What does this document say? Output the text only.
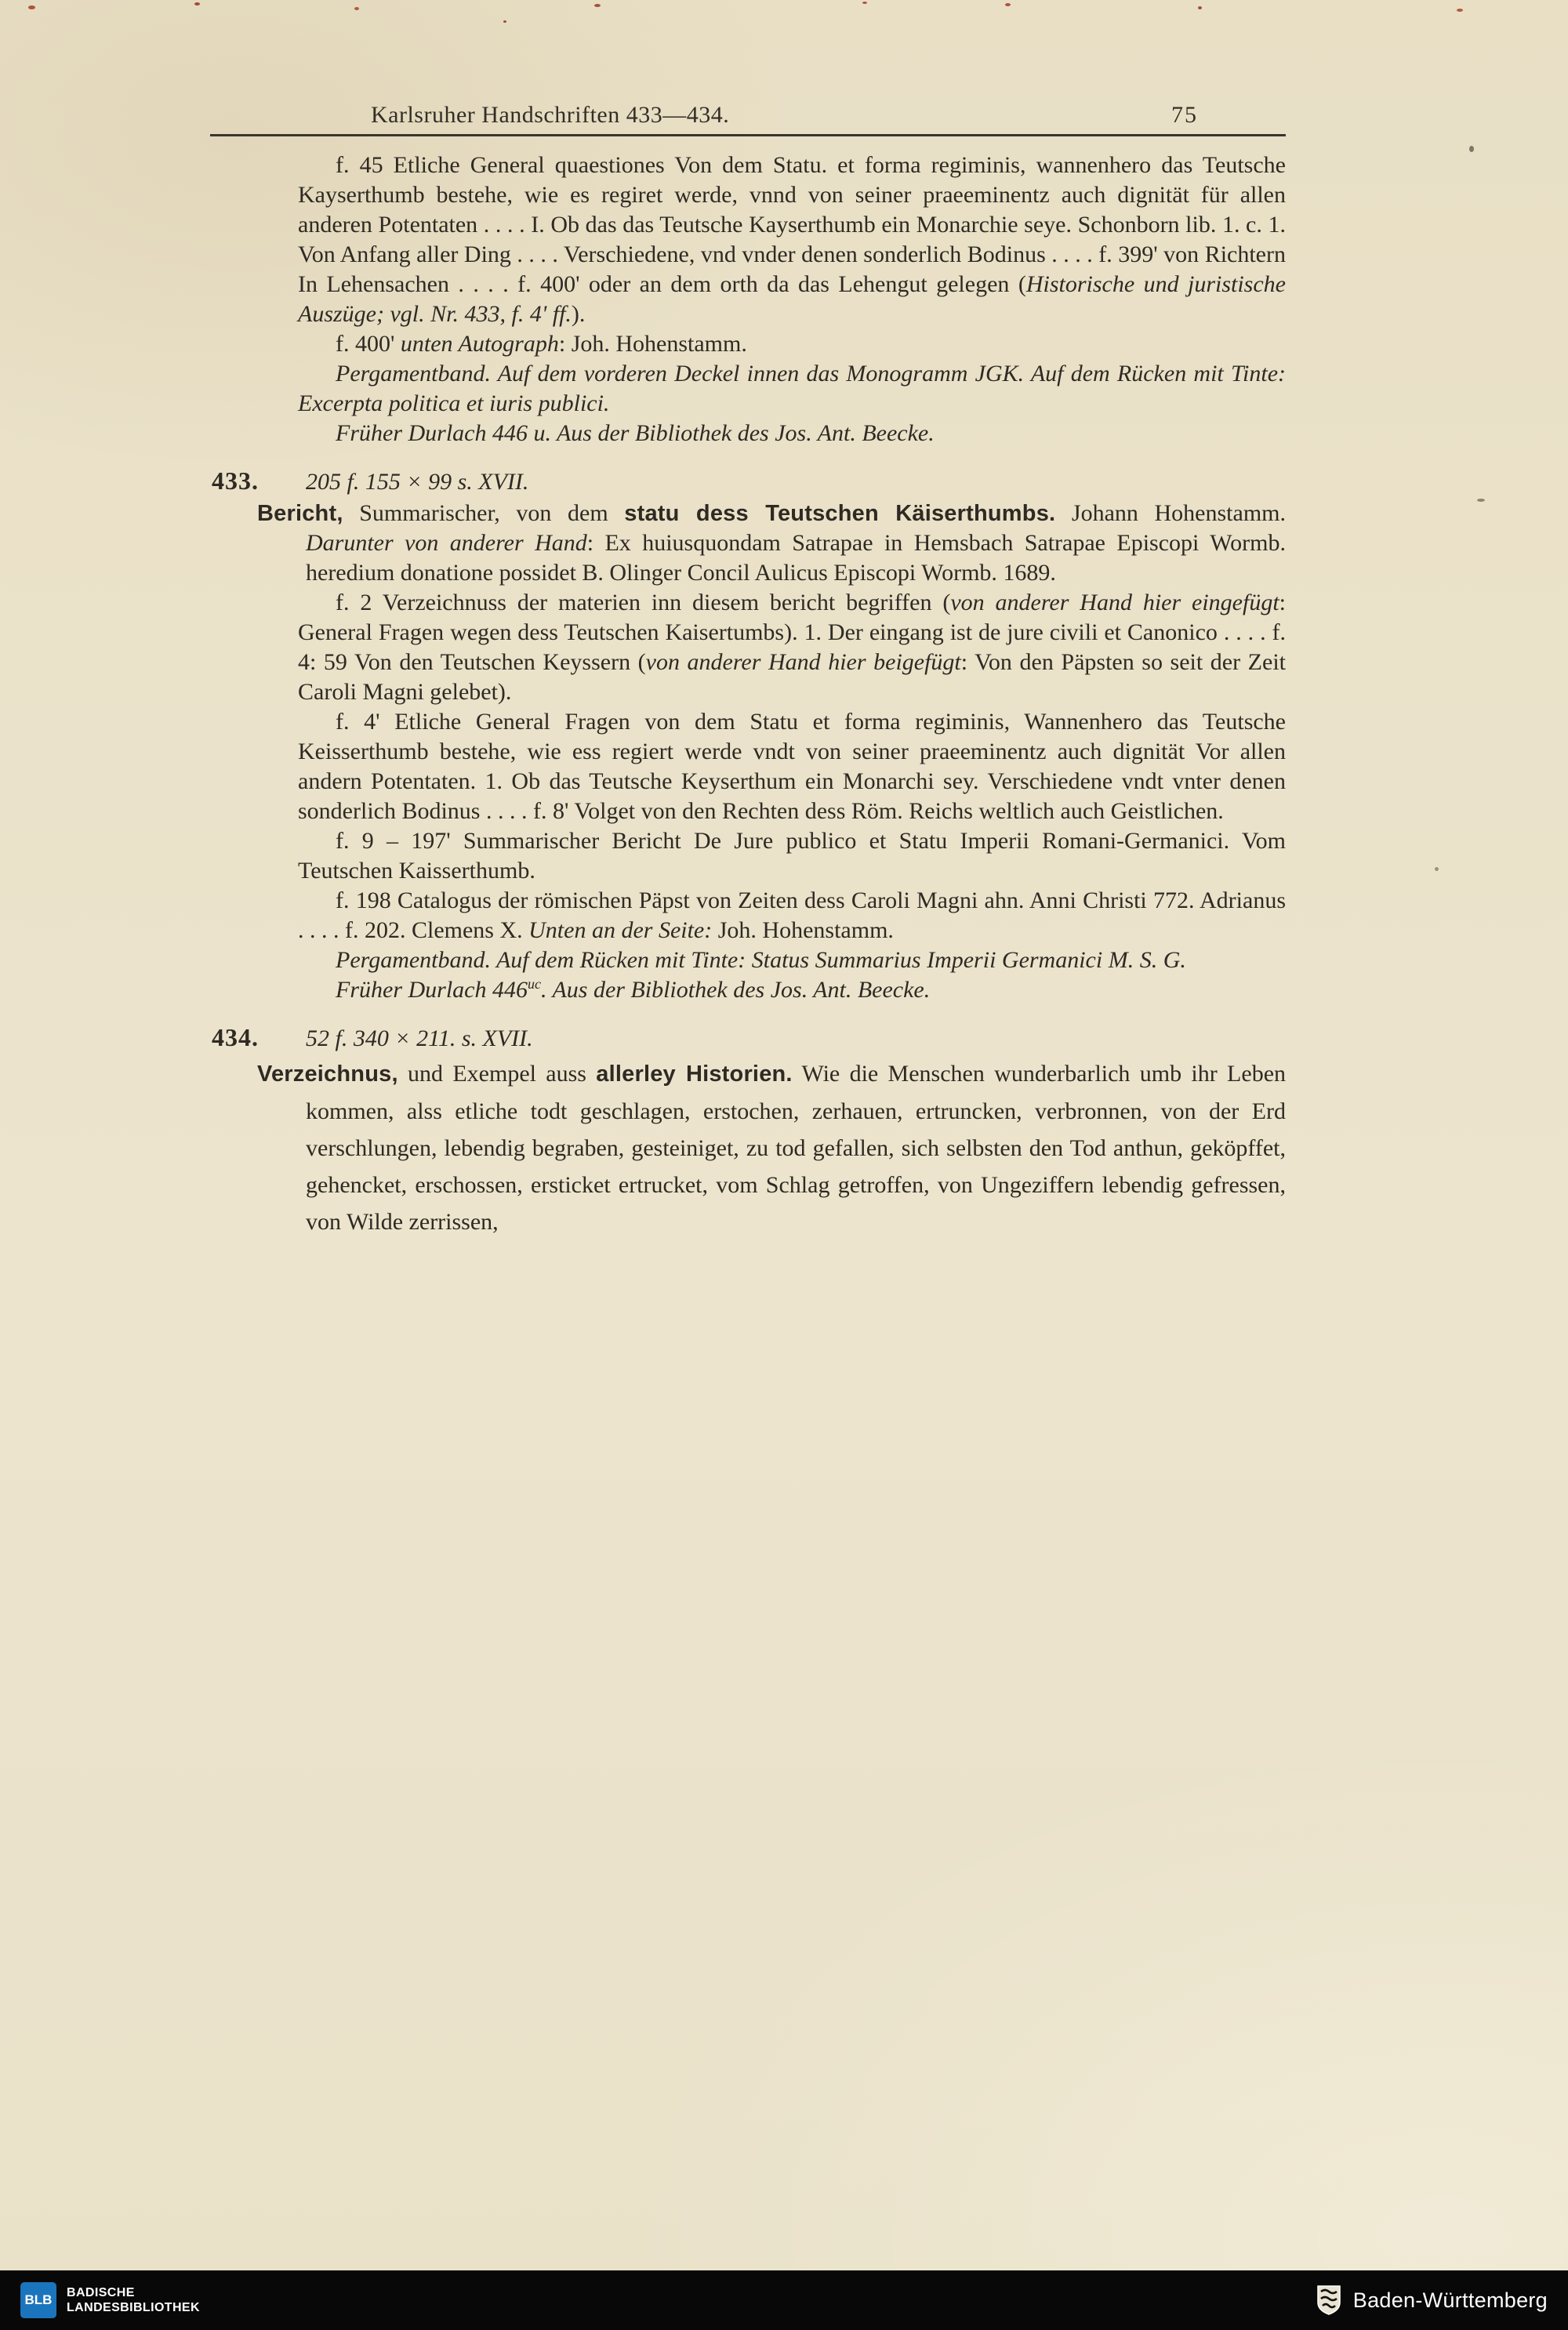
Karlsruher Handschriften 433—434.	75
f. 45 Etliche General quaestiones Von dem Statu. et forma regiminis, wannenhero das Teutsche Kayserthumb bestehe, wie es regiret werde, vnnd von seiner praeeminentz auch dignität für allen anderen Potentaten . . . . I. Ob das das Teutsche Kayserthumb ein Monarchie seye. Schonborn lib. 1. c. 1. Von Anfang aller Ding . . . . Verschiedene, vnd vnder denen sonderlich Bodinus . . . . f. 399' von Richtern In Lehensachen . . . . f. 400' oder an dem orth da das Lehengut gelegen (Historische und juristische Auszüge; vgl. Nr. 433, f. 4' ff.).
f. 400' unten Autograph: Joh. Hohenstamm.
Pergamentband. Auf dem vorderen Deckel innen das Monogramm JGK. Auf dem Rücken mit Tinte: Excerpta politica et iuris publici.
Früher Durlach 446 u. Aus der Bibliothek des Jos. Ant. Beecke.
433. 205 f. 155 × 99 s. XVII.
Bericht, Summarischer, von dem statu dess Teutschen Käiserthumbs. Johann Hohenstamm. Darunter von anderer Hand: Ex huiusquondam Satrapae in Hemsbach Satrapae Episcopi Wormb. heredium donatione possidet B. Olinger Concil Aulicus Episcopi Wormb. 1689.
f. 2 Verzeichnuss der materien inn diesem bericht begriffen (von anderer Hand hier eingefügt: General Fragen wegen dess Teutschen Kaisertumbs). 1. Der eingang ist de jure civili et Canonico . . . . f. 4: 59 Von den Teutschen Keyssern (von anderer Hand hier beigefügt: Von den Päpsten so seit der Zeit Caroli Magni gelebet).
f. 4' Etliche General Fragen von dem Statu et forma regiminis, Wannenhero das Teutsche Keisserthumb bestehe, wie ess regiert werde vndt von seiner praeeminentz auch dignität Vor allen andern Potentaten. 1. Ob das Teutsche Keyserthum ein Monarchi sey. Verschiedene vndt vnter denen sonderlich Bodinus . . . . f. 8' Volget von den Rechten dess Röm. Reichs weltlich auch Geistlichen.
f. 9 – 197' Summarischer Bericht De Jure publico et Statu Imperii Romani-Germanici. Vom Teutschen Kaisserthumb.
f. 198 Catalogus der römischen Päpst von Zeiten dess Caroli Magni ahn. Anni Christi 772. Adrianus . . . . f. 202. Clemens X. Unten an der Seite: Joh. Hohenstamm.
Pergamentband. Auf dem Rücken mit Tinte: Status Summarius Imperii Germanici M. S. G.
Früher Durlach $446^{uc}$. Aus der Bibliothek des Jos. Ant. Beecke.
434. 52 f. 340 × 211. s. XVII.
Verzeichnus, und Exempel auss allerley Historien. Wie die Menschen wunderbarlich umb ihr Leben kommen, alss etliche todt geschlagen, erstochen, zerhauen, ertruncken, verbronnen, von der Erd verschlungen, lebendig begraben, gesteiniget, zu tod gefallen, sich selbsten den Tod anthun, geköpffet, gehencket, erschossen, ersticket ertrucket, vom Schlag getroffen, von Ungeziffern lebendig gefressen, von Wilde zerrissen,
BLB BADISCHE
LANDESBIBLIOTHEK	Baden-Württemberg
